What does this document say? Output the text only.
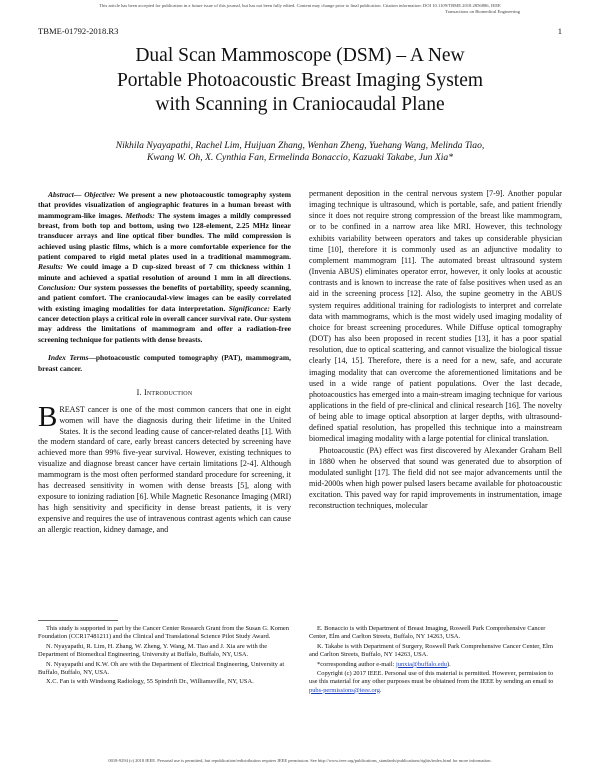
This article has been accepted for publication in a future issue of this journal, but has not been fully edited. Content may change prior to final publication. Citation information: DOI 10.1109/TBME.2018.2856886, IEEE
Transactions on Biomedical Engineering
TBME-01792-2018.R3	1
Dual Scan Mammoscope (DSM) – A New
Portable Photoacoustic Breast Imaging System
with Scanning in Craniocaudal Plane
Nikhila Nyayapathi, Rachel Lim, Huijuan Zhang, Wenhan Zheng, Yuehang Wang, Melinda Tiao,
Kwang W. Oh, X. Cynthia Fan, Ermelinda Bonaccio, Kazuaki Takabe, Jun Xia*

Abstract— Objective: We present a new photoacoustic tomography system that provides visualization of angiographic features in a human breast with mammogram-like images. Methods: The system images a mildly compressed breast, from both top and bottom, using two 128-element, 2.25 MHz linear transducer arrays and line optical fiber bundles. The mild compression is achieved using plastic films, which is a more comfortable experience for the patient compared to rigid metal plates used in a traditional mammogram. Results: We could image a D cup-sized breast of 7 cm thickness within 1 minute and achieved a spatial resolution of around 1 mm in all directions. Conclusion: Our system possesses the benefits of portability, speedy scanning, and patient comfort. The craniocaudal-view images can be easily correlated with existing imaging modalities for data interpretation. Significance: Early cancer detection plays a critical role in overall cancer survival rate. Our system may address the limitations of mammogram and offer a radiation-free screening technique for patients with dense breasts.

Index Terms—photoacoustic computed tomography (PAT), mammogram, breast cancer.

I. Introduction

BREAST cancer is one of the most common cancers that one in eight women will have the diagnosis during their lifetime in the United States. It is the second leading cause of cancer-related deaths [1]. With the modern standard of care, early breast cancers detected by screening have achieved more than 99% five-year survival. However, existing techniques to visualize and diagnose breast cancer have certain limitations [2-4]. Although mammogram is the most often performed standard procedure for screening, it has decreased sensitivity in women with dense breasts [5], along with exposure to ionizing radiation [6]. While Magnetic Resonance Imaging (MRI) has high sensitivity and specificity in dense breast patients, it is very expensive and requires the use of intravenous contrast agents which can cause an allergic reaction, kidney damage, and

permanent deposition in the central nervous system [7-9]. Another popular imaging technique is ultrasound, which is portable, safe, and patient friendly since it does not require strong compression of the breast like mammogram, or to be confined in a narrow area like MRI. However, this technology exhibits variability between operators and takes up considerable physician time [10], therefore it is commonly used as an adjunctive modality to complement mammogram [11]. The automated breast ultrasound system (Invenia ABUS) eliminates operator error, however, it only looks at acoustic contrasts and is known to increase the rate of false positives when used as an aid in the screening process [12]. Also, the supine geometry in the ABUS system requires additional training for radiologists to interpret and correlate data with mammograms, which is the most widely used imaging modality of choice for breast screening procedures. While Diffuse optical tomography (DOT) has also been proposed in recent studies [13], it has a poor spatial resolution, due to optical scattering, and cannot visualize the biological tissue clearly [14, 15]. Therefore, there is a need for a new, safe, and accurate imaging modality that can overcome the aforementioned limitations and be used in a wide range of patient populations. Over the last decade, photoacoustics has emerged into a main-stream imaging technique for various applications in the field of pre-clinical and clinical research [16]. The novelty of being able to image optical absorption at larger depths, with ultrasound-defined spatial resolution, has propelled this technique into a mainstream biomedical imaging modality with a large potential for clinical translation.

Photoacoustic (PA) effect was first discovered by Alexander Graham Bell in 1880 when he observed that sound was generated due to absorption of modulated sunlight [17]. The field did not see major advancements until the mid-2000s when high power pulsed lasers became available for photoacoustic excitation. This paved way for rapid improvements in instrumentation, image reconstruction techniques, molecular

This study is supported in part by the Cancer Center Research Grant from the Susan G. Komen Foundation (CCR17481211) and the Clinical and Translational Science Pilot Study Award.

N. Nyayapathi, R. Lim, H. Zhang, W. Zheng, Y. Wang, M. Tiao and J. Xia are with the Department of Biomedical Engineering, University at Buffalo, Buffalo, NY, USA.

N. Nyayapathi and K.W. Oh are with the Department of Electrical Engineering, University at Buffalo, Buffalo, NY, USA.

X.C. Fan is with Windsong Radiology, 55 Spindrift Dr., Williamsville, NY, USA.

E. Bonaccio is with Department of Breast Imaging, Roswell Park Comprehensive Cancer Center, Elm and Carlton Streets, Buffalo, NY 14263, USA.

K. Takabe is with Department of Surgery, Roswell Park Comprehensive Cancer Center, Elm and Carlton Streets, Buffalo, NY 14263, USA.

*corresponding author e-mail: junxia@buffalo.edu).

Copyright (c) 2017 IEEE. Personal use of this material is permitted. However, permission to use this material for any other purposes must be obtained from the IEEE by sending an email to pubs-permissions@ieee.org.

0018-9294 (c) 2018 IEEE. Personal use is permitted, but republication/redistribution requires IEEE permission. See http://www.ieee.org/publications_standards/publications/rights/index.html for more information.
